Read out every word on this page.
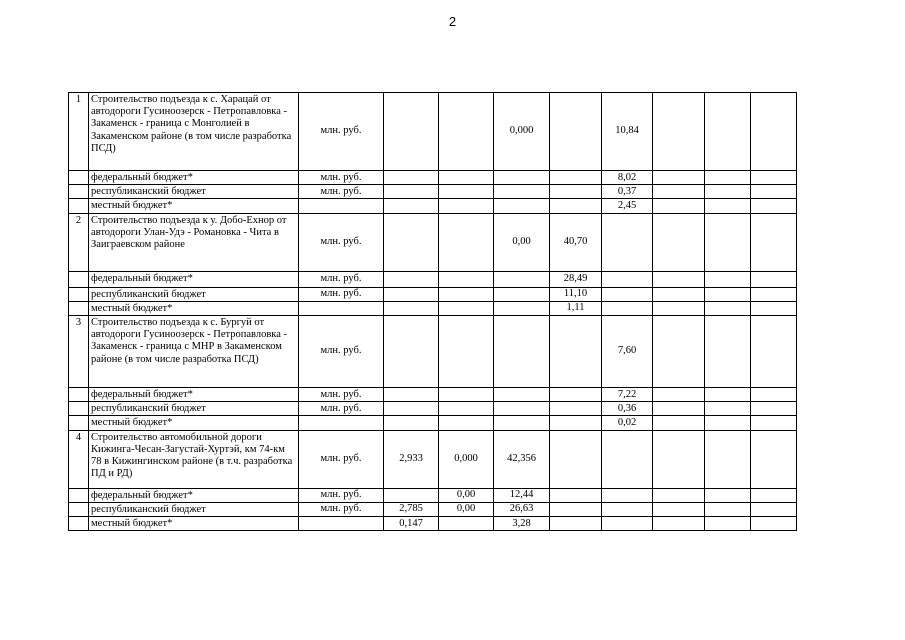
2
1	Строительство подъезда к с. Харацай от автодороги Гусиноозерск - Петропавловка - Закаменск - граница с Монголией в Закаменском районе (в том числе разработка ПСД)	млн. руб.			0,000		10,84			
	федеральный бюджет*	млн. руб.					8,02			
	республиканский бюджет	млн. руб.					0,37			
	местный бюджет*						2,45			
2	Строительство подъезда к у. Добо-Ехнор от автодороги Улан-Удэ - Романовка - Чита в Заиграевском районе	млн. руб.			0,00	40,70				
	федеральный бюджет*	млн. руб.				28,49				
	республиканский бюджет	млн. руб.				11,10				
	местный бюджет*					1,11				
3	Строительство подъезда к с. Бургуй от автодороги Гусиноозерск - Петропавловка - Закаменск - граница с МНР в Закаменском районе (в том числе разработка ПСД)	млн. руб.					7,60			
	федеральный бюджет*	млн. руб.					7,22			
	республиканский бюджет	млн. руб.					0,36			
	местный бюджет*						0,02			
4	Строительство автомобильной дороги Кижинга-Чесан-Загустай-Хуртэй, км 74-км 78 в Кижингинском районе (в т.ч. разработка ПД и РД)	млн. руб.	2,933	0,000	42,356					
	федеральный бюджет*	млн. руб.		0,00	12,44					
	республиканский бюджет	млн. руб.	2,785	0,00	26,63					
	местный бюджет*		0,147		3,28					
